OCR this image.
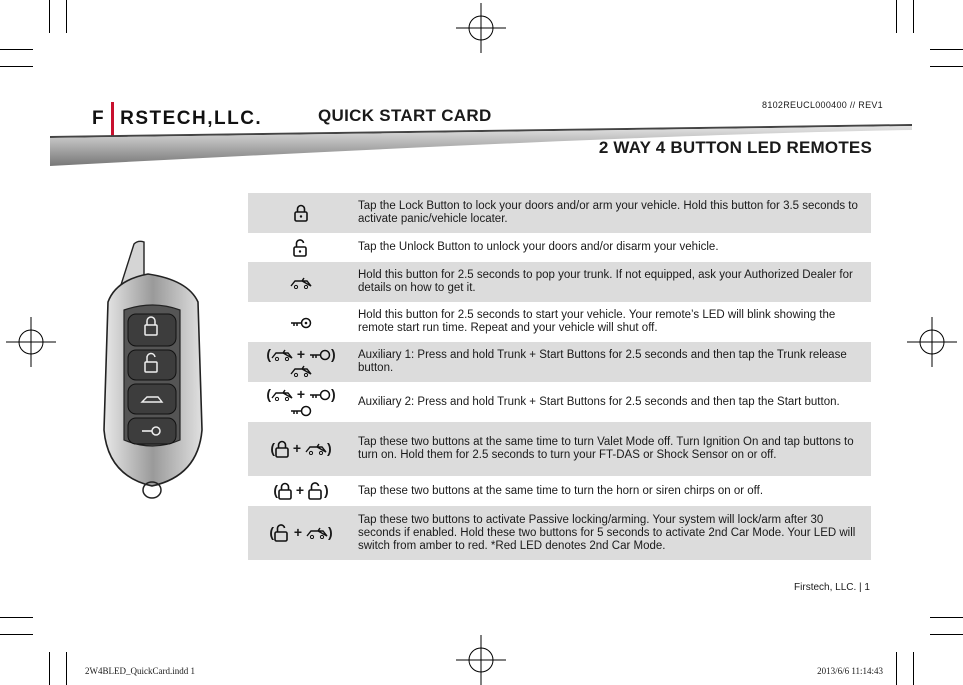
F RSTECH,LLC.	QUICK START CARD
8102REUCL000400 // REV1
2 WAY 4 BUTTON LED REMOTES
	Tap the Lock Button to lock your doors and/or arm your vehicle. Hold this button for 3.5 seconds to activate panic/vehicle locater.
	Tap the Unlock Button to unlock your doors and/or disarm your vehicle.
	Hold this button for 2.5 seconds to pop your trunk. If not equipped, ask your Authorized Dealer for details on how to get it.
	Hold this button for 2.5 seconds to start your vehicle. Your remote’s LED will blink showing the remote start run time. Repeat and your vehicle will shut off.

( + )	Auxiliary 1: Press and hold Trunk + Start Buttons for 2.5 seconds and then tap the Trunk release button.

( + )	Auxiliary 2: Press and hold Trunk + Start Buttons for 2.5 seconds and then tap the Start button.
( + )	Tap these two buttons at the same time to turn Valet Mode off. Turn Ignition On and tap buttons to turn on. Hold them for 2.5 seconds to turn your FT-DAS or Shock Sensor on or off.
( + )	Tap these two buttons at the same time to turn the horn or siren chirps on or off.
( + )	Tap these two buttons to activate Passive locking/arming. Your system will lock/arm after 30 seconds if enabled. Hold these two buttons for 5 seconds to activate 2nd Car Mode. Your LED will switch from amber to red. *Red LED denotes 2nd Car Mode.
Firstech, LLC. | 1
2W4BLED_QuickCard.indd 1	2013/6/6 11:14:43
